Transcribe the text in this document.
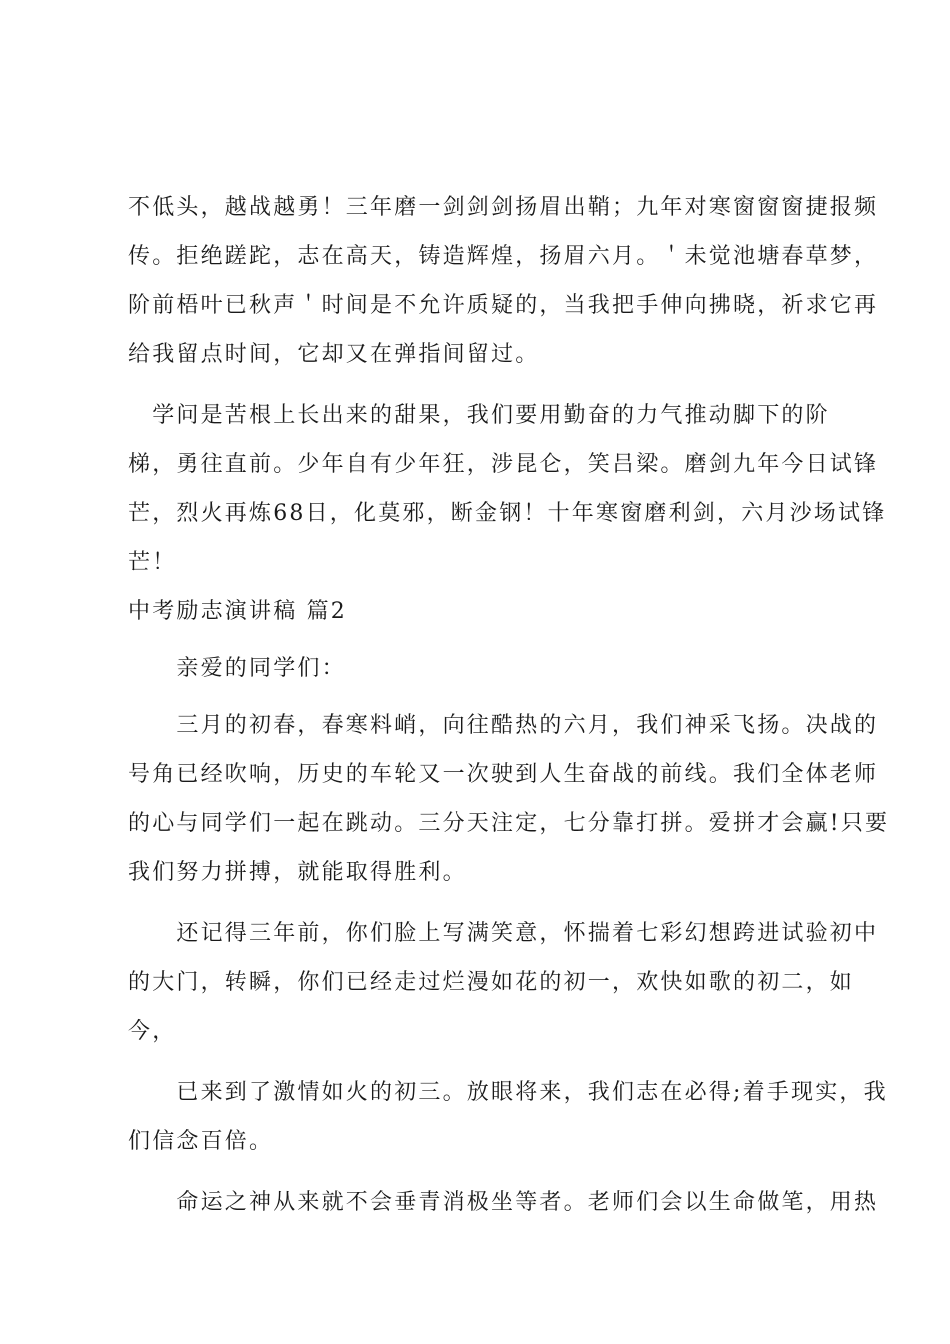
不低头，越战越勇！三年磨一剑剑剑扬眉出鞘；九年对寒窗窗窗捷报频
传。拒绝蹉跎，志在高天，铸造辉煌，扬眉六月。＇未觉池塘春草梦，
阶前梧叶已秋声＇时间是不允许质疑的，当我把手伸向拂晓，祈求它再
给我留点时间，它却又在弹指间留过。
　学问是苦根上长出来的甜果，我们要用勤奋的力气推动脚下的阶
梯，勇往直前。少年自有少年狂，涉昆仑，笑吕梁。磨剑九年今日试锋
芒，烈火再炼68日，化莫邪，断金钢！十年寒窗磨利剑，六月沙场试锋
芒！
中考励志演讲稿 篇2
　　亲爱的同学们：
　　三月的初春，春寒料峭，向往酷热的六月，我们神采飞扬。决战的
号角已经吹响，历史的车轮又一次驶到人生奋战的前线。我们全体老师
的心与同学们一起在跳动。三分天注定，七分靠打拼。爱拼才会赢!只要
我们努力拼搏，就能取得胜利。
　　还记得三年前，你们脸上写满笑意，怀揣着七彩幻想跨进试验初中
的大门，转瞬，你们已经走过烂漫如花的初一，欢快如歌的初二，如
今，
　　已来到了激情如火的初三。放眼将来，我们志在必得;着手现实，我
们信念百倍。
　　命运之神从来就不会垂青消极坐等者。老师们会以生命做笔，用热
